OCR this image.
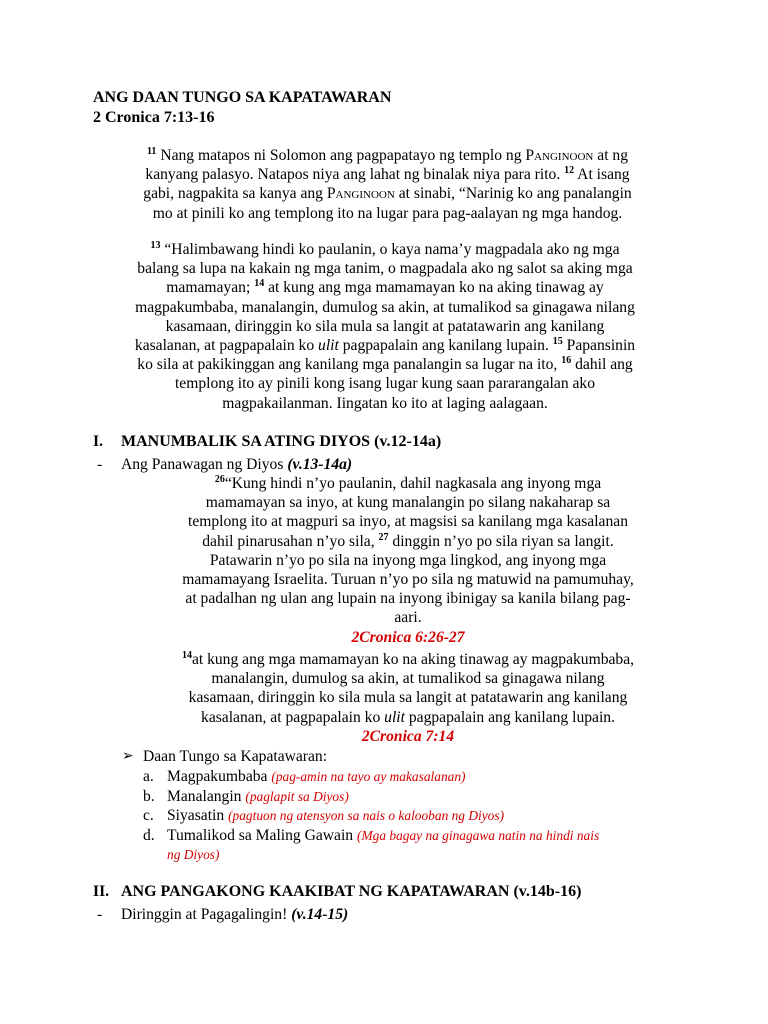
ANG DAAN TUNGO SA KAPATAWARAN
2 Cronica 7:13-16
$^{11}$ Nang matapos ni Solomon ang pagpapatayo ng templo ng Panginoon at ng
kanyang palasyo. Natapos niya ang lahat ng binalak niya para rito. $^{12}$ At isang
gabi, nagpakita sa kanya ang Panginoon at sinabi, “Narinig ko ang panalangin
mo at pinili ko ang templong ito na lugar para pag-aalayan ng mga handog.
$^{13}$ “Halimbawang hindi ko paulanin, o kaya nama’y magpadala ako ng mga
balang sa lupa na kakain ng mga tanim, o magpadala ako ng salot sa aking mga
mamamayan; $^{14}$ at kung ang mga mamamayan ko na aking tinawag ay
magpakumbaba, manalangin, dumulog sa akin, at tumalikod sa ginagawa nilang
kasamaan, diringgin ko sila mula sa langit at patatawarin ang kanilang
kasalanan, at pagpapalain ko ulit pagpapalain ang kanilang lupain. $^{15}$ Papansinin
ko sila at pakikinggan ang kanilang mga panalangin sa lugar na ito, $^{16}$ dahil ang
templong ito ay pinili kong isang lugar kung saan pararangalan ako
magpakailanman. Iingatan ko ito at laging aalagaan.
I. MANUMBALIK SA ATING DIYOS (v.12-14a)
- Ang Panawagan ng Diyos (v.13-14a)
$^{26}$“Kung hindi n’yo paulanin, dahil nagkasala ang inyong mga
mamamayan sa inyo, at kung manalangin po silang nakaharap sa
templong ito at magpuri sa inyo, at magsisi sa kanilang mga kasalanan
dahil pinarusahan n’yo sila, $^{27}$ dinggin n’yo po sila riyan sa langit.
Patawarin n’yo po sila na inyong mga lingkod, ang inyong mga
mamamayang Israelita. Turuan n’yo po sila ng matuwid na pamumuhay,
at padalhan ng ulan ang lupain na inyong ibinigay sa kanila bilang pag-
aari.
2Cronica 6:26-27
$^{14}$at kung ang mga mamamayan ko na aking tinawag ay magpakumbaba,
manalangin, dumulog sa akin, at tumalikod sa ginagawa nilang
kasamaan, diringgin ko sila mula sa langit at patatawarin ang kanilang
kasalanan, at pagpapalain ko ulit pagpapalain ang kanilang lupain.
2Cronica 7:14
➢ Daan Tungo sa Kapatawaran:
a. Magpakumbaba (pag-amin na tayo ay makasalanan)
b. Manalangin (paglapit sa Diyos)
c. Siyasatin (pagtuon ng atensyon sa nais o kalooban ng Diyos)
d. Tumalikod sa Maling Gawain (Mga bagay na ginagawa natin na hindi nais
ng Diyos)
II. ANG PANGAKONG KAAKIBAT NG KAPATAWARAN (v.14b-16)
- Diringgin at Pagagalingin! (v.14-15)
